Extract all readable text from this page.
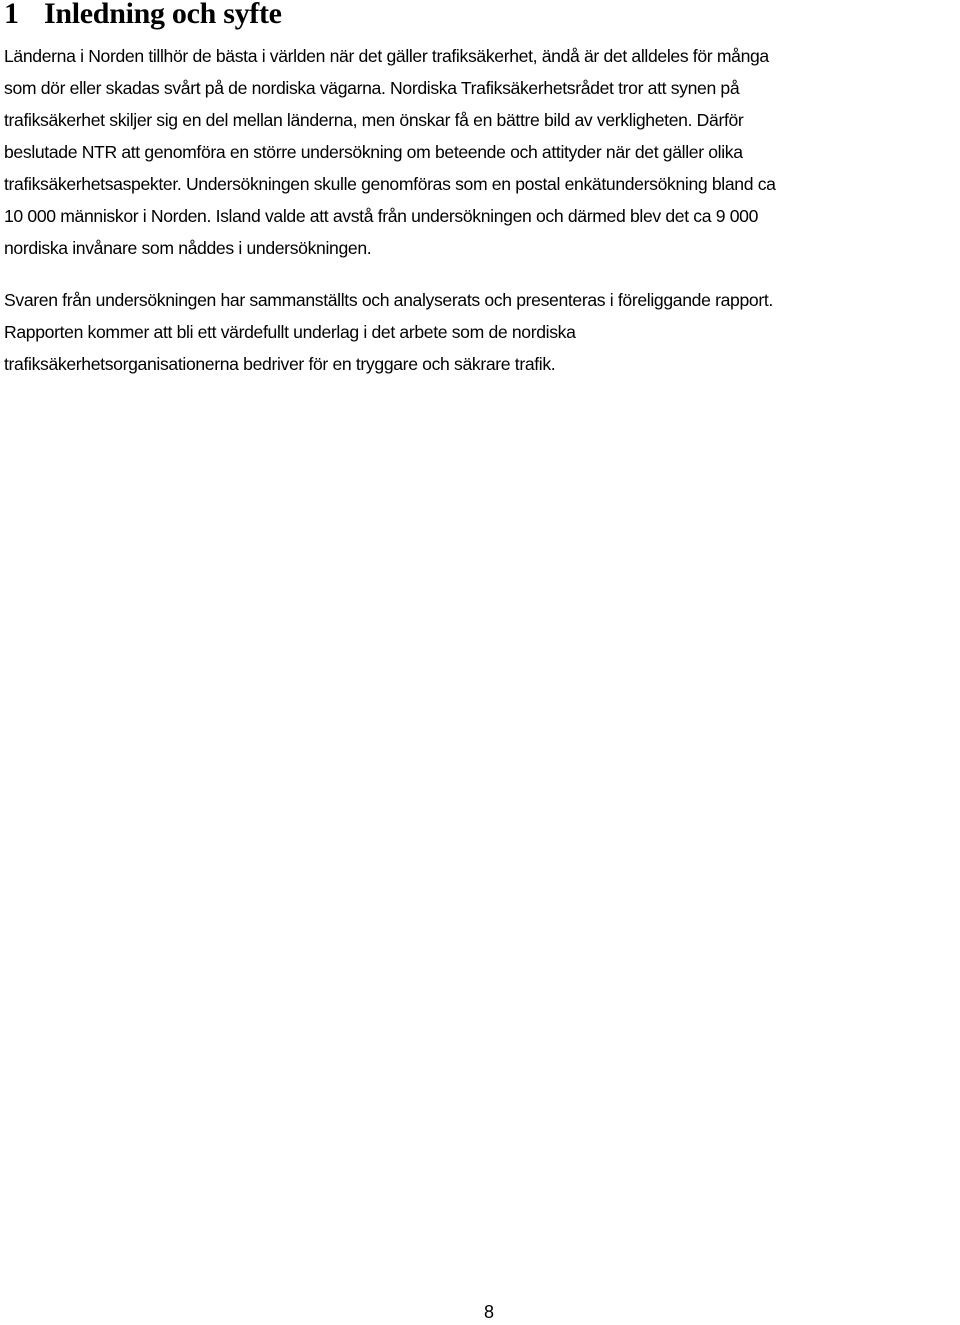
1 Inledning och syfte
Länderna i Norden tillhör de bästa i världen när det gäller trafiksäkerhet, ändå är det alldeles för många
som dör eller skadas svårt på de nordiska vägarna. Nordiska Trafiksäkerhetsrådet tror att synen på
trafiksäkerhet skiljer sig en del mellan länderna, men önskar få en bättre bild av verkligheten. Därför
beslutade NTR att genomföra en större undersökning om beteende och attityder när det gäller olika
trafiksäkerhetsaspekter. Undersökningen skulle genomföras som en postal enkätundersökning bland ca
10 000 människor i Norden. Island valde att avstå från undersökningen och därmed blev det ca 9 000
nordiska invånare som nåddes i undersökningen.
Svaren från undersökningen har sammanställts och analyserats och presenteras i föreliggande rapport.
Rapporten kommer att bli ett värdefullt underlag i det arbete som de nordiska
trafiksäkerhetsorganisationerna bedriver för en tryggare och säkrare trafik.
8
